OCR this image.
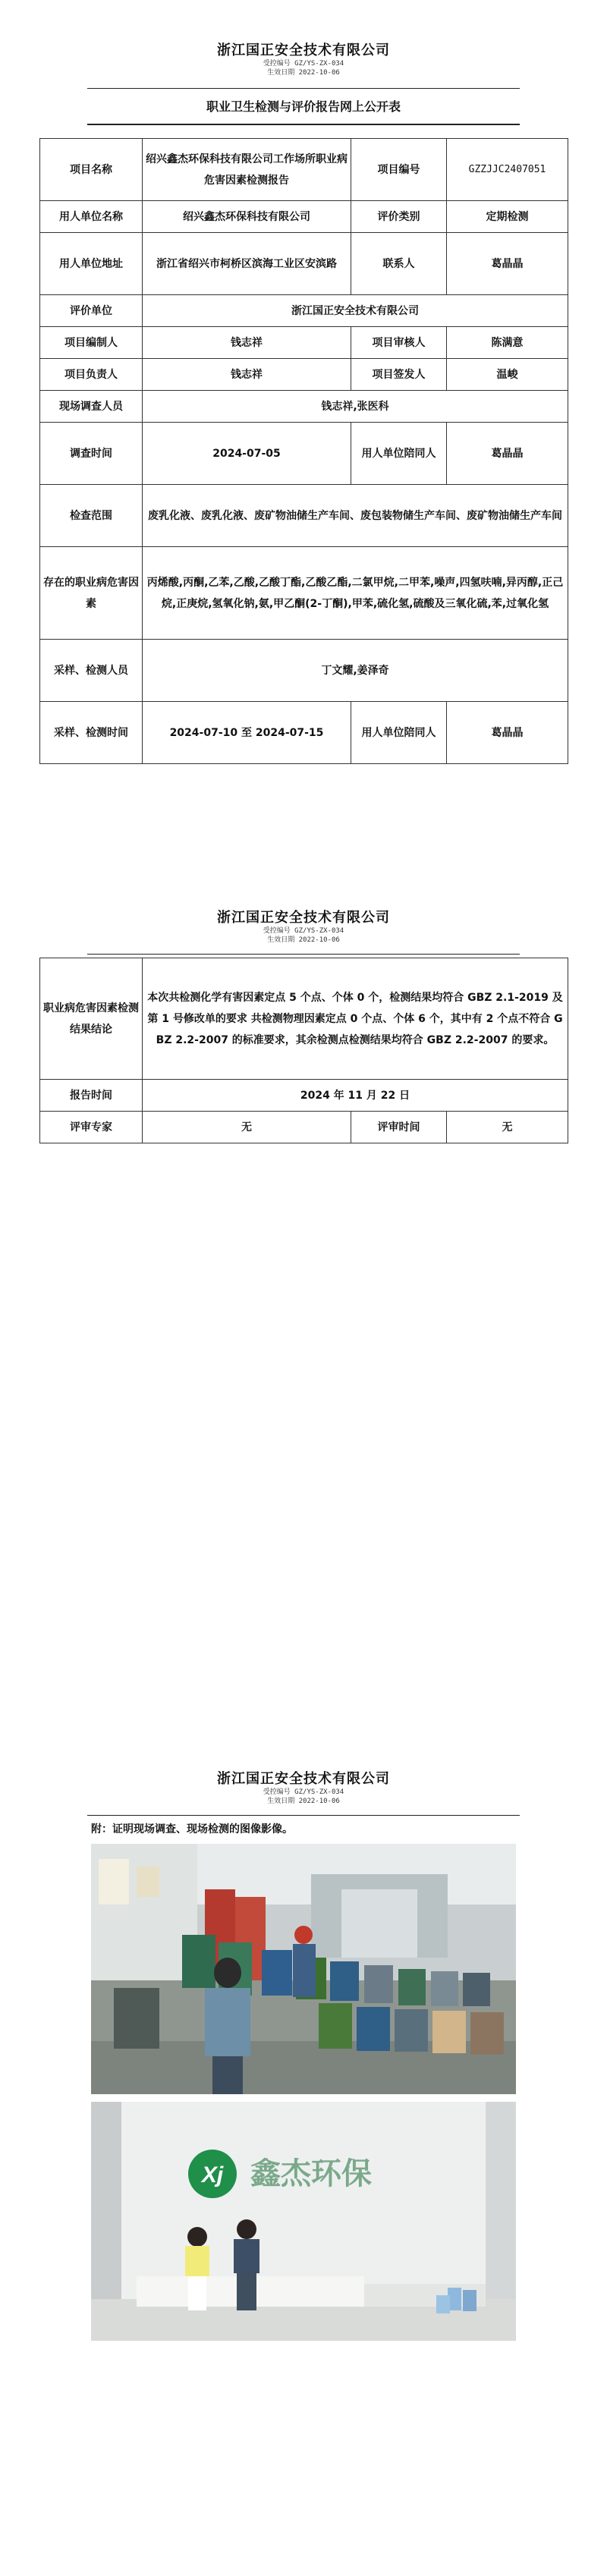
浙江国正安全技术有限公司
受控编号 GZ/YS-ZX-034
生效日期 2022-10-06
职业卫生检测与评价报告网上公开表
项目名称	绍兴鑫杰环保科技有限公司工作场所职业病危害因素检测报告	项目编号	GZZJJC2407051
用人单位名称	绍兴鑫杰环保科技有限公司	评价类别	定期检测
用人单位地址	浙江省绍兴市柯桥区滨海工业区安滨路	联系人	葛晶晶
评价单位	浙江国正安全技术有限公司		
项目编制人	钱志祥	项目审核人	陈满意
项目负责人	钱志祥	项目签发人	温峻
现场调查人员	钱志祥,张医科		
调查时间	2024-07-05	用人单位陪同人	葛晶晶
检查范围	废乳化液、废乳化液、废矿物油储生产车间、废包装物储生产车间、废矿物油储生产车间		
存在的职业病危害因素	丙烯酸,丙酮,乙苯,乙酸,乙酸丁酯,乙酸乙酯,二氯甲烷,二甲苯,噪声,四氢呋喃,异丙醇,正己烷,正庚烷,氢氧化钠,氨,甲乙酮(2-丁酮),甲苯,硫化氢,硫酸及三氧化硫,苯,过氧化氢		
采样、检测人员	丁文耀,姜泽奇		
采样、检测时间	2024-07-10 至 2024-07-15	用人单位陪同人	葛晶晶
浙江国正安全技术有限公司
受控编号 GZ/YS-ZX-034
生效日期 2022-10-06
职业病危害因素检测结果结论	本次共检测化学有害因素定点 5 个点、个体 0 个，检测结果均符合 GBZ 2.1-2019 及第 1 号修改单的要求 共检测物理因素定点 0 个点、个体 6 个，其中有 2 个点不符合 GBZ 2.2-2007 的标准要求，其余检测点检测结果均符合 GBZ 2.2-2007 的要求。		
报告时间	2024 年 11 月 22 日		
评审专家	无	评审时间	无
浙江国正安全技术有限公司
受控编号 GZ/YS-ZX-034
生效日期 2022-10-06
附：证明现场调查、现场检测的图像影像。
Xj 鑫杰环保
